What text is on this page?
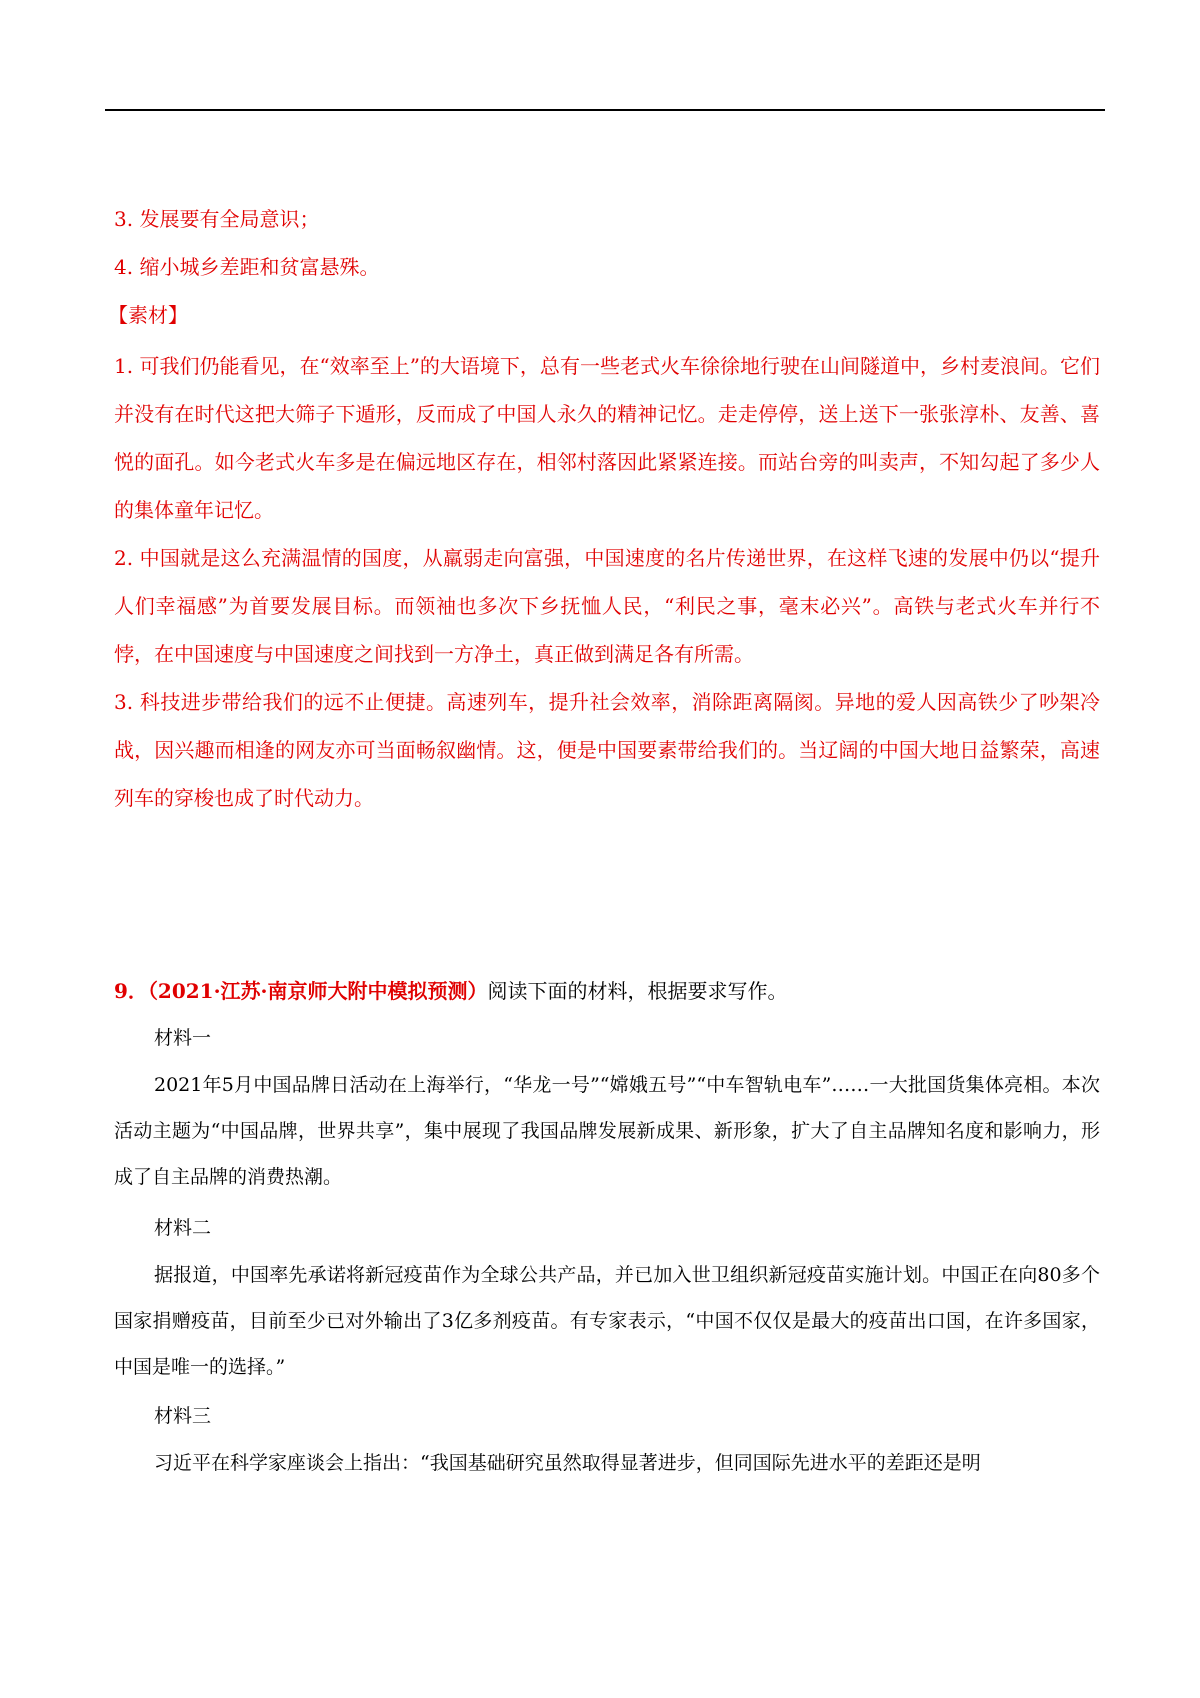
3. 发展要有全局意识；
4. 缩小城乡差距和贫富悬殊。
【素材】
1. 可我们仍能看见，在“效率至上”的大语境下，总有一些老式火车徐徐地行驶在山间隧道中，乡村麦浪间。它们并没有在时代这把大筛子下遁形，反而成了中国人永久的精神记忆。走走停停，送上送下一张张淳朴、友善、喜悦的面孔。如今老式火车多是在偏远地区存在，相邻村落因此紧紧连接。而站台旁的叫卖声，不知勾起了多少人的集体童年记忆。
2. 中国就是这么充满温情的国度，从羸弱走向富强，中国速度的名片传递世界，在这样飞速的发展中仍以“提升人们幸福感”为首要发展目标。而领袖也多次下乡抚恤人民，“利民之事，毫末必兴”。高铁与老式火车并行不悖，在中国速度与中国速度之间找到一方净土，真正做到满足各有所需。
3. 科技进步带给我们的远不止便捷。高速列车，提升社会效率，消除距离隔阂。异地的爱人因高铁少了吵架冷战，因兴趣而相逢的网友亦可当面畅叙幽情。这，便是中国要素带给我们的。当辽阔的中国大地日益繁荣，高速列车的穿梭也成了时代动力。
9．（2021·江苏·南京师大附中模拟预测）阅读下面的材料，根据要求写作。
材料一
2021年5月中国品牌日活动在上海举行，“华龙一号”“嫦娥五号”“中车智轨电车”……一大批国货集体亮相。本次活动主题为“中国品牌，世界共享”，集中展现了我国品牌发展新成果、新形象，扩大了自主品牌知名度和影响力，形成了自主品牌的消费热潮。
材料二
据报道，中国率先承诺将新冠疫苗作为全球公共产品，并已加入世卫组织新冠疫苗实施计划。中国正在向80多个国家捐赠疫苗，目前至少已对外输出了3亿多剂疫苗。有专家表示，“中国不仅仅是最大的疫苗出口国，在许多国家，中国是唯一的选择。”
材料三
习近平在科学家座谈会上指出：“我国基础研究虽然取得显著进步，但同国际先进水平的差距还是明
